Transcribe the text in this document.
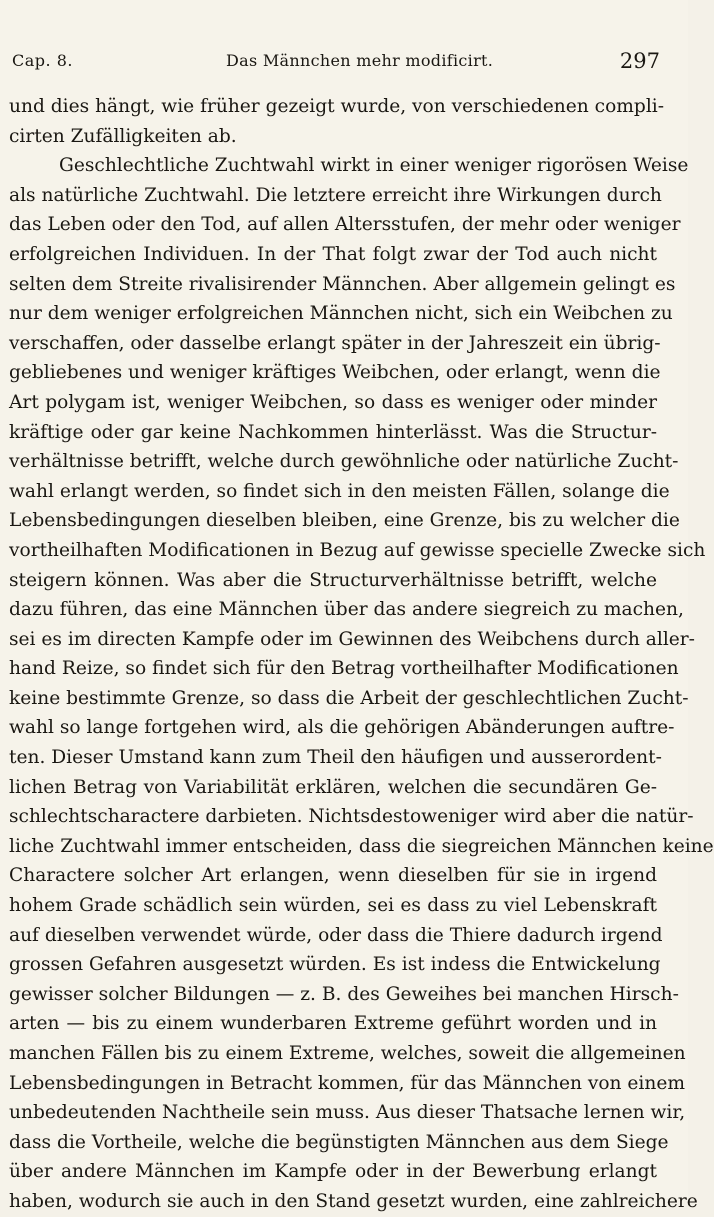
Cap. 8.	Das Männchen mehr modificirt.	297
und dies hängt, wie früher gezeigt wurde, von verschiedenen compli-
cirten Zufälligkeiten ab.
Geschlechtliche Zuchtwahl wirkt in einer weniger rigorösen Weise
als natürliche Zuchtwahl. Die letztere erreicht ihre Wirkungen durch
das Leben oder den Tod, auf allen Altersstufen, der mehr oder weniger
erfolgreichen Individuen. In der That folgt zwar der Tod auch nicht
selten dem Streite rivalisirender Männchen. Aber allgemein gelingt es
nur dem weniger erfolgreichen Männchen nicht, sich ein Weibchen zu
verschaffen, oder dasselbe erlangt später in der Jahreszeit ein übrig-
gebliebenes und weniger kräftiges Weibchen, oder erlangt, wenn die
Art polygam ist, weniger Weibchen, so dass es weniger oder minder
kräftige oder gar keine Nachkommen hinterlässt. Was die Structur-
verhältnisse betrifft, welche durch gewöhnliche oder natürliche Zucht-
wahl erlangt werden, so findet sich in den meisten Fällen, solange die
Lebensbedingungen dieselben bleiben, eine Grenze, bis zu welcher die
vortheilhaften Modificationen in Bezug auf gewisse specielle Zwecke sich
steigern können. Was aber die Structurverhältnisse betrifft, welche
dazu führen, das eine Männchen über das andere siegreich zu machen,
sei es im directen Kampfe oder im Gewinnen des Weibchens durch aller-
hand Reize, so findet sich für den Betrag vortheilhafter Modificationen
keine bestimmte Grenze, so dass die Arbeit der geschlechtlichen Zucht-
wahl so lange fortgehen wird, als die gehörigen Abänderungen auftre-
ten. Dieser Umstand kann zum Theil den häufigen und ausserordent-
lichen Betrag von Variabilität erklären, welchen die secundären Ge-
schlechtscharactere darbieten. Nichtsdestoweniger wird aber die natür-
liche Zuchtwahl immer entscheiden, dass die siegreichen Männchen keine
Charactere solcher Art erlangen, wenn dieselben für sie in irgend
hohem Grade schädlich sein würden, sei es dass zu viel Lebenskraft
auf dieselben verwendet würde, oder dass die Thiere dadurch irgend
grossen Gefahren ausgesetzt würden. Es ist indess die Entwickelung
gewisser solcher Bildungen — z. B. des Geweihes bei manchen Hirsch-
arten — bis zu einem wunderbaren Extreme geführt worden und in
manchen Fällen bis zu einem Extreme, welches, soweit die allgemeinen
Lebensbedingungen in Betracht kommen, für das Männchen von einem
unbedeutenden Nachtheile sein muss. Aus dieser Thatsache lernen wir,
dass die Vortheile, welche die begünstigten Männchen aus dem Siege
über andere Männchen im Kampfe oder in der Bewerbung erlangt
haben, wodurch sie auch in den Stand gesetzt wurden, eine zahlreichere
